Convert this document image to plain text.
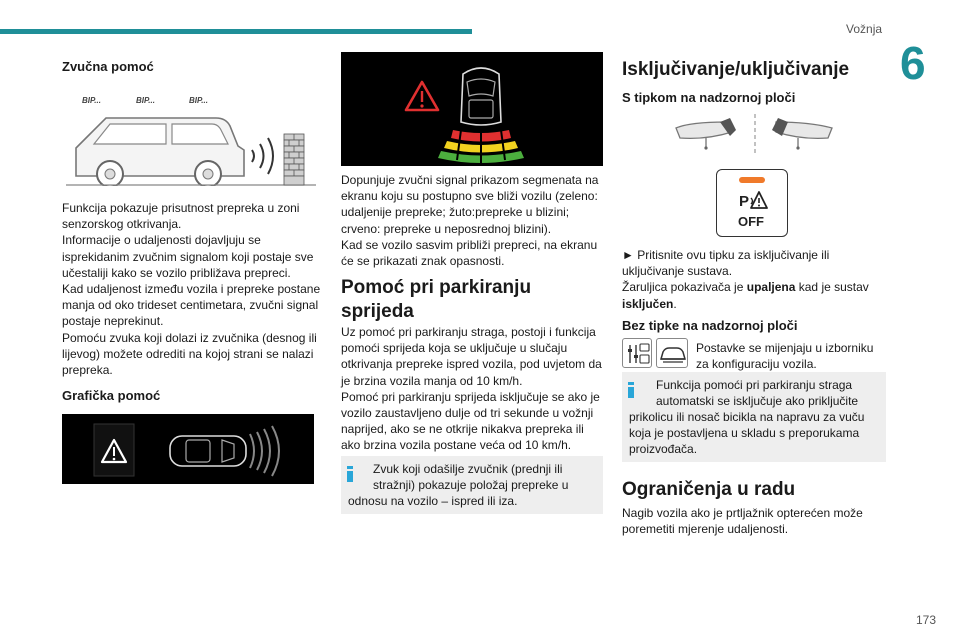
Vožnja
6
173
Zvučna pomoć
BIP...	BIP...	BIP...
Funkcija pokazuje prisutnost prepreka u zoni
senzorskog otkrivanja.
Informacije o udaljenosti dojavljuju se
isprekidanim zvučnim signalom koji postaje sve
učestaliji kako se vozilo približava prepreci.
Kad udaljenost između vozila i prepreke postane
manja od oko trideset centimetara, zvučni signal
postaje neprekinut.
Pomoću zvuka koji dolazi iz zvučnika (desnog ili
lijevog) možete odrediti na kojoj strani se nalazi
prepreka.
Grafička pomoć
Dopunjuje zvučni signal prikazom segmenata na
ekranu koju su postupno sve bliži vozilu (zeleno:
udaljenije prepreke; žuto:prepreke u blizini;
crveno: prepreke u neposrednoj blizini).
Kad se vozilo sasvim približi prepreci, na ekranu
će se prikazati znak opasnosti.
Pomoć pri parkiranju
sprijeda
Uz pomoć pri parkiranju straga, postoji i funkcija
pomoći sprijeda koja se uključuje u slučaju
otkrivanja prepreke ispred vozila, pod uvjetom da
je brzina vozila manja od 10 km/h.
Pomoć pri parkiranju sprijeda isključuje se ako je
vozilo zaustavljeno dulje od tri sekunde u vožnji
naprijed, ako se ne otkrije nikakva prepreka ili
ako brzina vozila postane veća od 10 km/h.
Zvuk koji odašilje zvučnik (prednji ili
stražnji) pokazuje položaj prepreke u
odnosu na vozilo – ispred ili iza.
Isključivanje/uključivanje
S tipkom na nadzornoj ploči
P
OFF
► Pritisnite ovu tipku za isključivanje ili
uključivanje sustava.
Žaruljica pokazivača je upaljena kad je sustav
isključen.
Bez tipke na nadzornoj ploči
Postavke se mijenjaju u izborniku
za konfiguraciju vozila.
Funkcija pomoći pri parkiranju straga
automatski se isključuje ako priključite
prikolicu ili nosač bicikla na napravu za vuču
koja je postavljena u skladu s preporukama
proizvođača.
Ograničenja u radu
Nagib vozila ako je prtljažnik opterećen može
poremetiti mjerenje udaljenosti.
